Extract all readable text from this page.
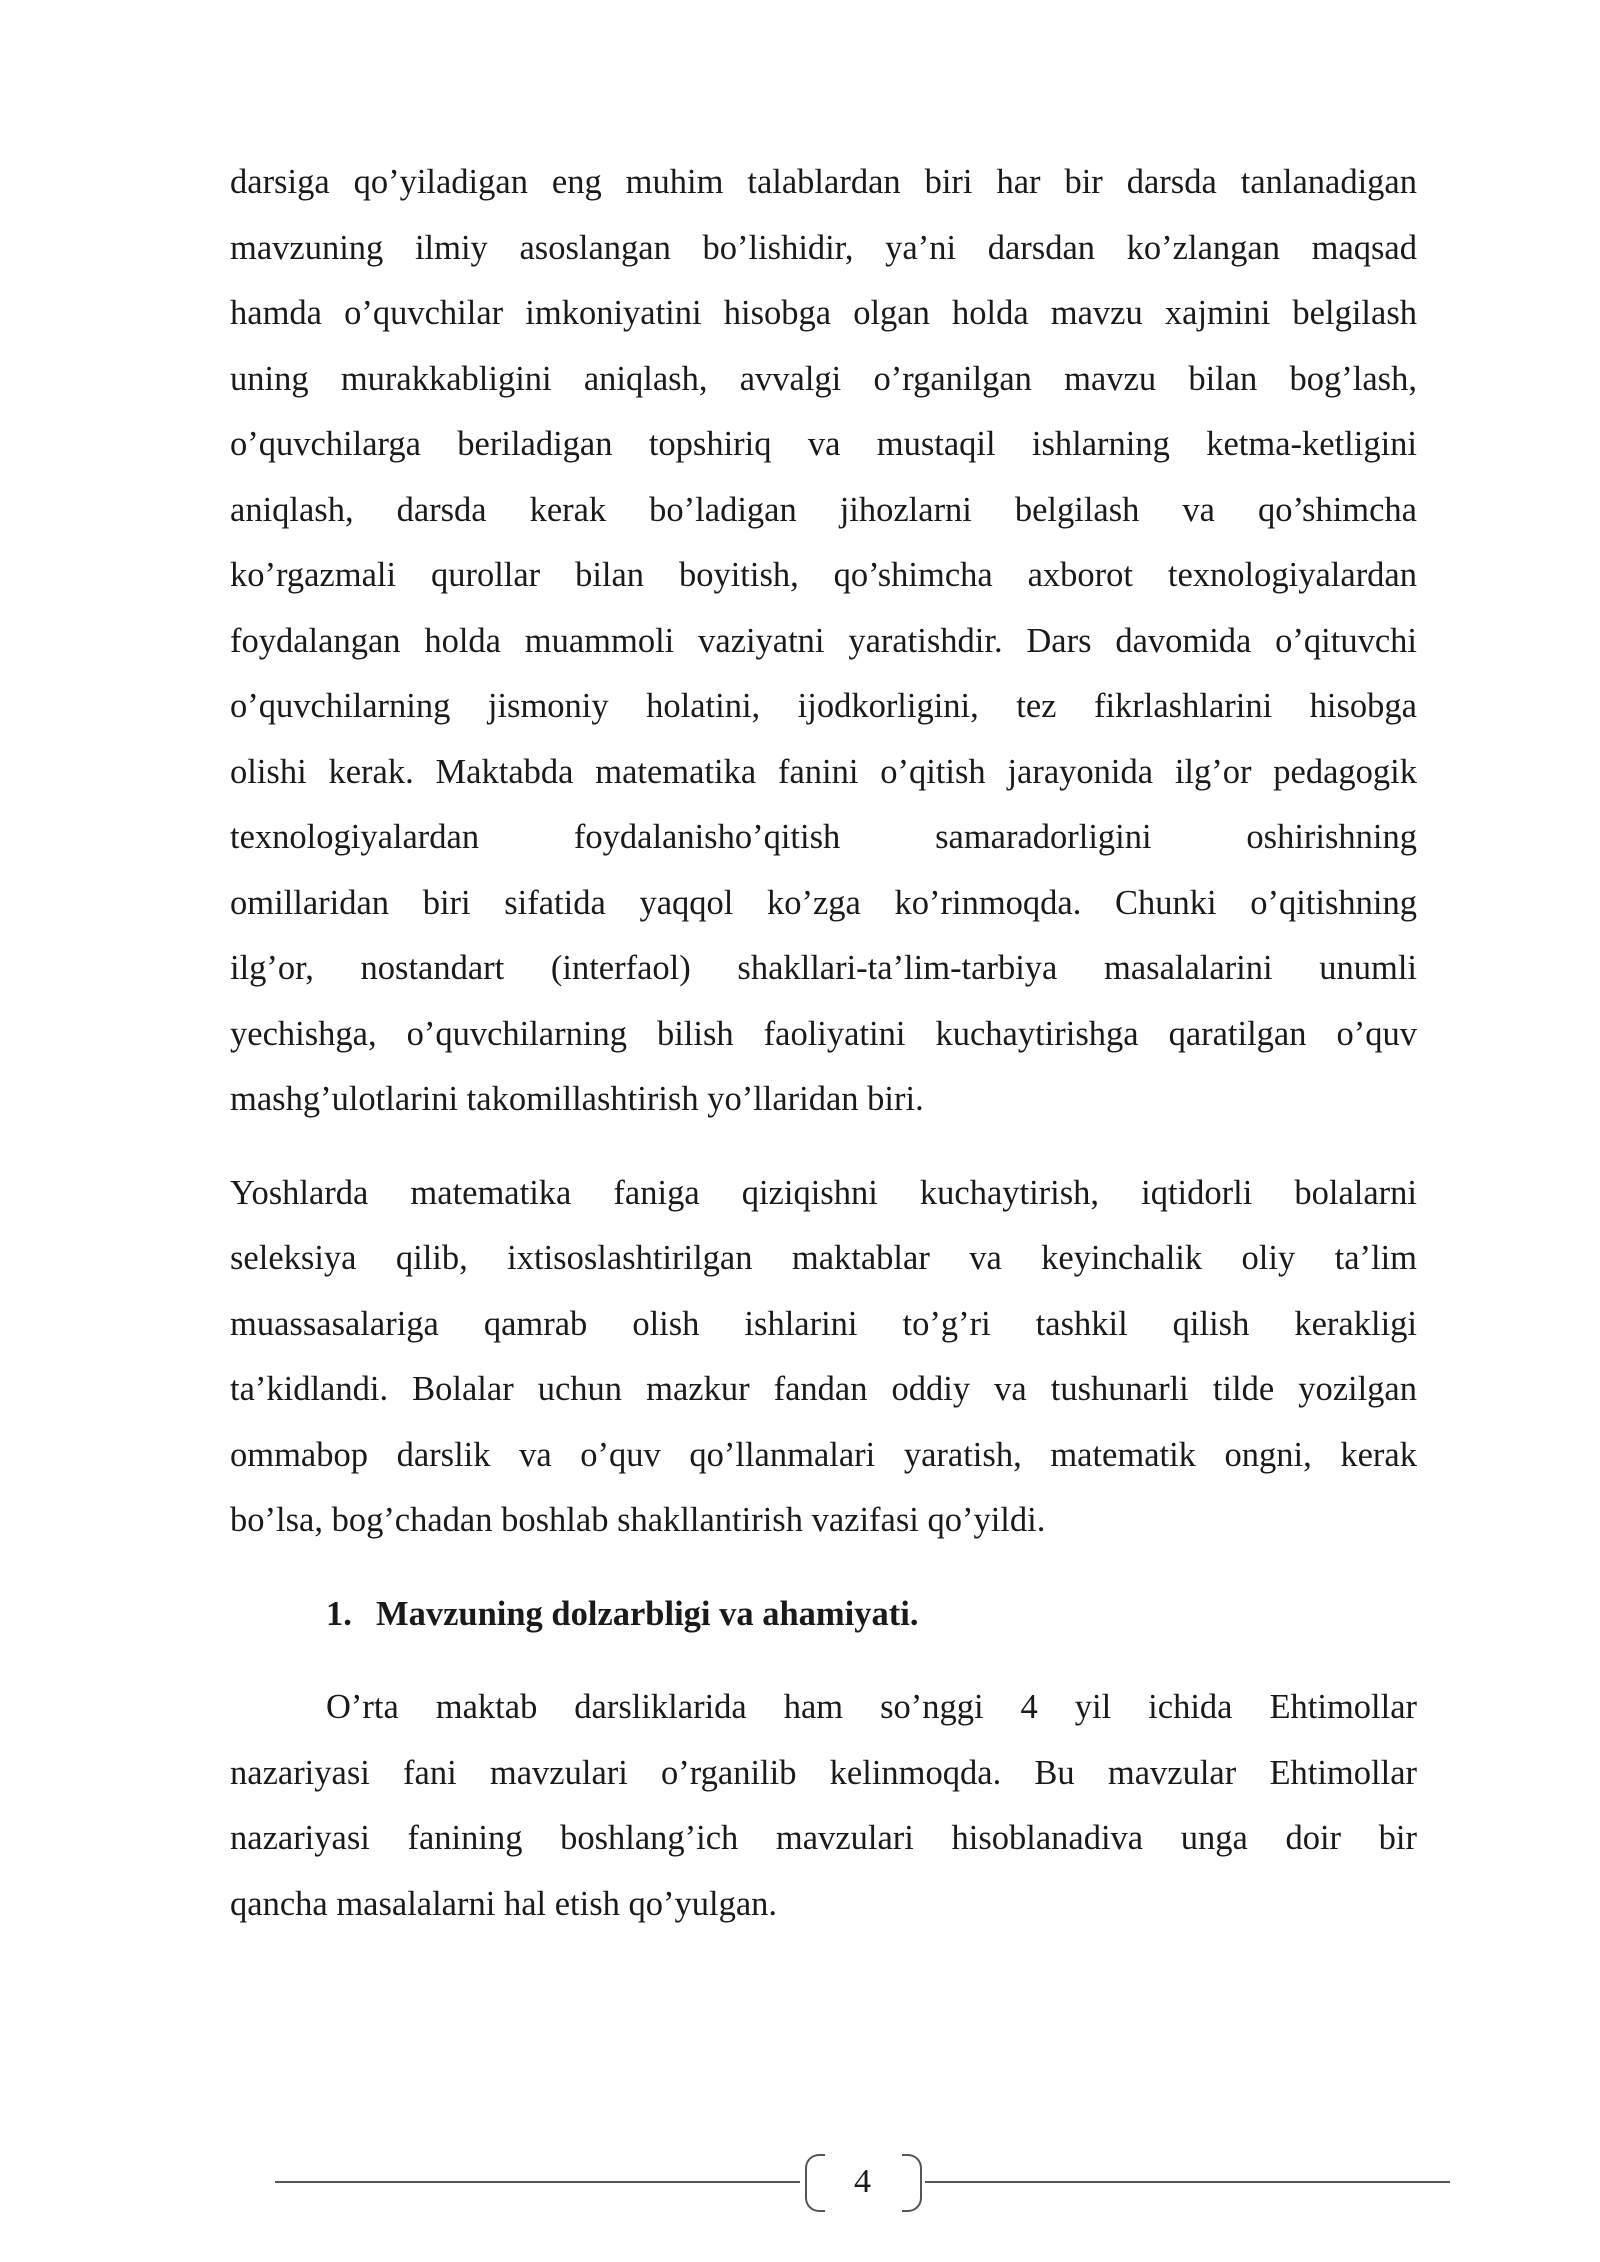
darsiga qo’yiladigan eng muhim talablardan biri har bir darsda tanlanadigan
mavzuning ilmiy asoslangan bo’lishidir, ya’ni darsdan ko’zlangan maqsad
hamda o’quvchilar imkoniyatini hisobga olgan holda mavzu xajmini belgilash
uning murakkabligini aniqlash, avvalgi o’rganilgan mavzu bilan bog’lash,
o’quvchilarga beriladigan topshiriq va mustaqil ishlarning ketma-ketligini
aniqlash, darsda kerak bo’ladigan jihozlarni belgilash va qo’shimcha
ko’rgazmali qurollar bilan boyitish, qo’shimcha axborot texnologiyalardan
foydalangan holda muammoli vaziyatni yaratishdir. Dars davomida o’qituvchi
o’quvchilarning jismoniy holatini, ijodkorligini, tez fikrlashlarini hisobga
olishi kerak. Maktabda matematika fanini o’qitish jarayonida ilg’or pedagogik
texnologiyalardan foydalanisho’qitish samaradorligini oshirishning
omillaridan biri sifatida yaqqol ko’zga ko’rinmoqda. Chunki o’qitishning
ilg’or, nostandart (interfaol) shakllari-ta’lim-tarbiya masalalarini unumli
yechishga, o’quvchilarning bilish faoliyatini kuchaytirishga qaratilgan o’quv
mashg’ulotlarini takomillashtirish yo’llaridan biri.

Yoshlarda matematika faniga qiziqishni kuchaytirish, iqtidorli bolalarni
seleksiya qilib, ixtisoslashtirilgan maktablar va keyinchalik oliy ta’lim
muassasalariga qamrab olish ishlarini to’g’ri tashkil qilish kerakligi
ta’kidlandi. Bolalar uchun mazkur fandan oddiy va tushunarli tilde yozilgan
ommabop darslik va o’quv qo’llanmalari yaratish, matematik ongni, kerak
bo’lsa, bog’chadan boshlab shakllantirish vazifasi qo’yildi.

1. Mavzuning dolzarbligi va ahamiyati.

O’rta maktab darsliklarida ham so’nggi 4 yil ichida Ehtimollar
nazariyasi fani mavzulari o’rganilib kelinmoqda. Bu mavzular Ehtimollar
nazariyasi fanining boshlang’ich mavzulari hisoblanadiva unga doir bir
qancha masalalarni hal etish qo’yulgan.

4
